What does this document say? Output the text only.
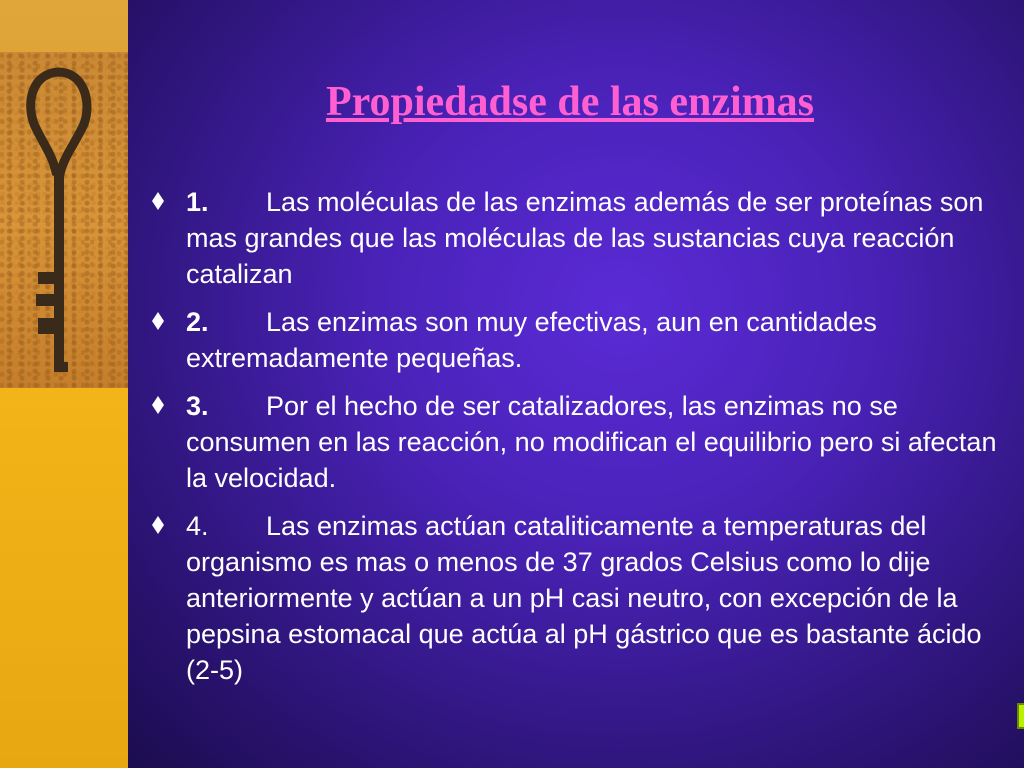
Propiedadse de las enzimas
1. Las moléculas de las enzimas además de ser proteínas son mas grandes que las moléculas de las sustancias cuya reacción catalizan
2. Las enzimas son muy efectivas, aun en cantidades extremadamente pequeñas.
3. Por el hecho de ser catalizadores, las enzimas no se consumen en las reacción, no modifican el equilibrio pero si afectan la velocidad.
4. Las enzimas actúan cataliticamente a temperaturas del organismo es mas o menos de 37 grados Celsius como lo dije anteriormente y actúan a un pH casi neutro, con excepción de la pepsina estomacal que actúa al pH gástrico que es bastante ácido (2-5)
